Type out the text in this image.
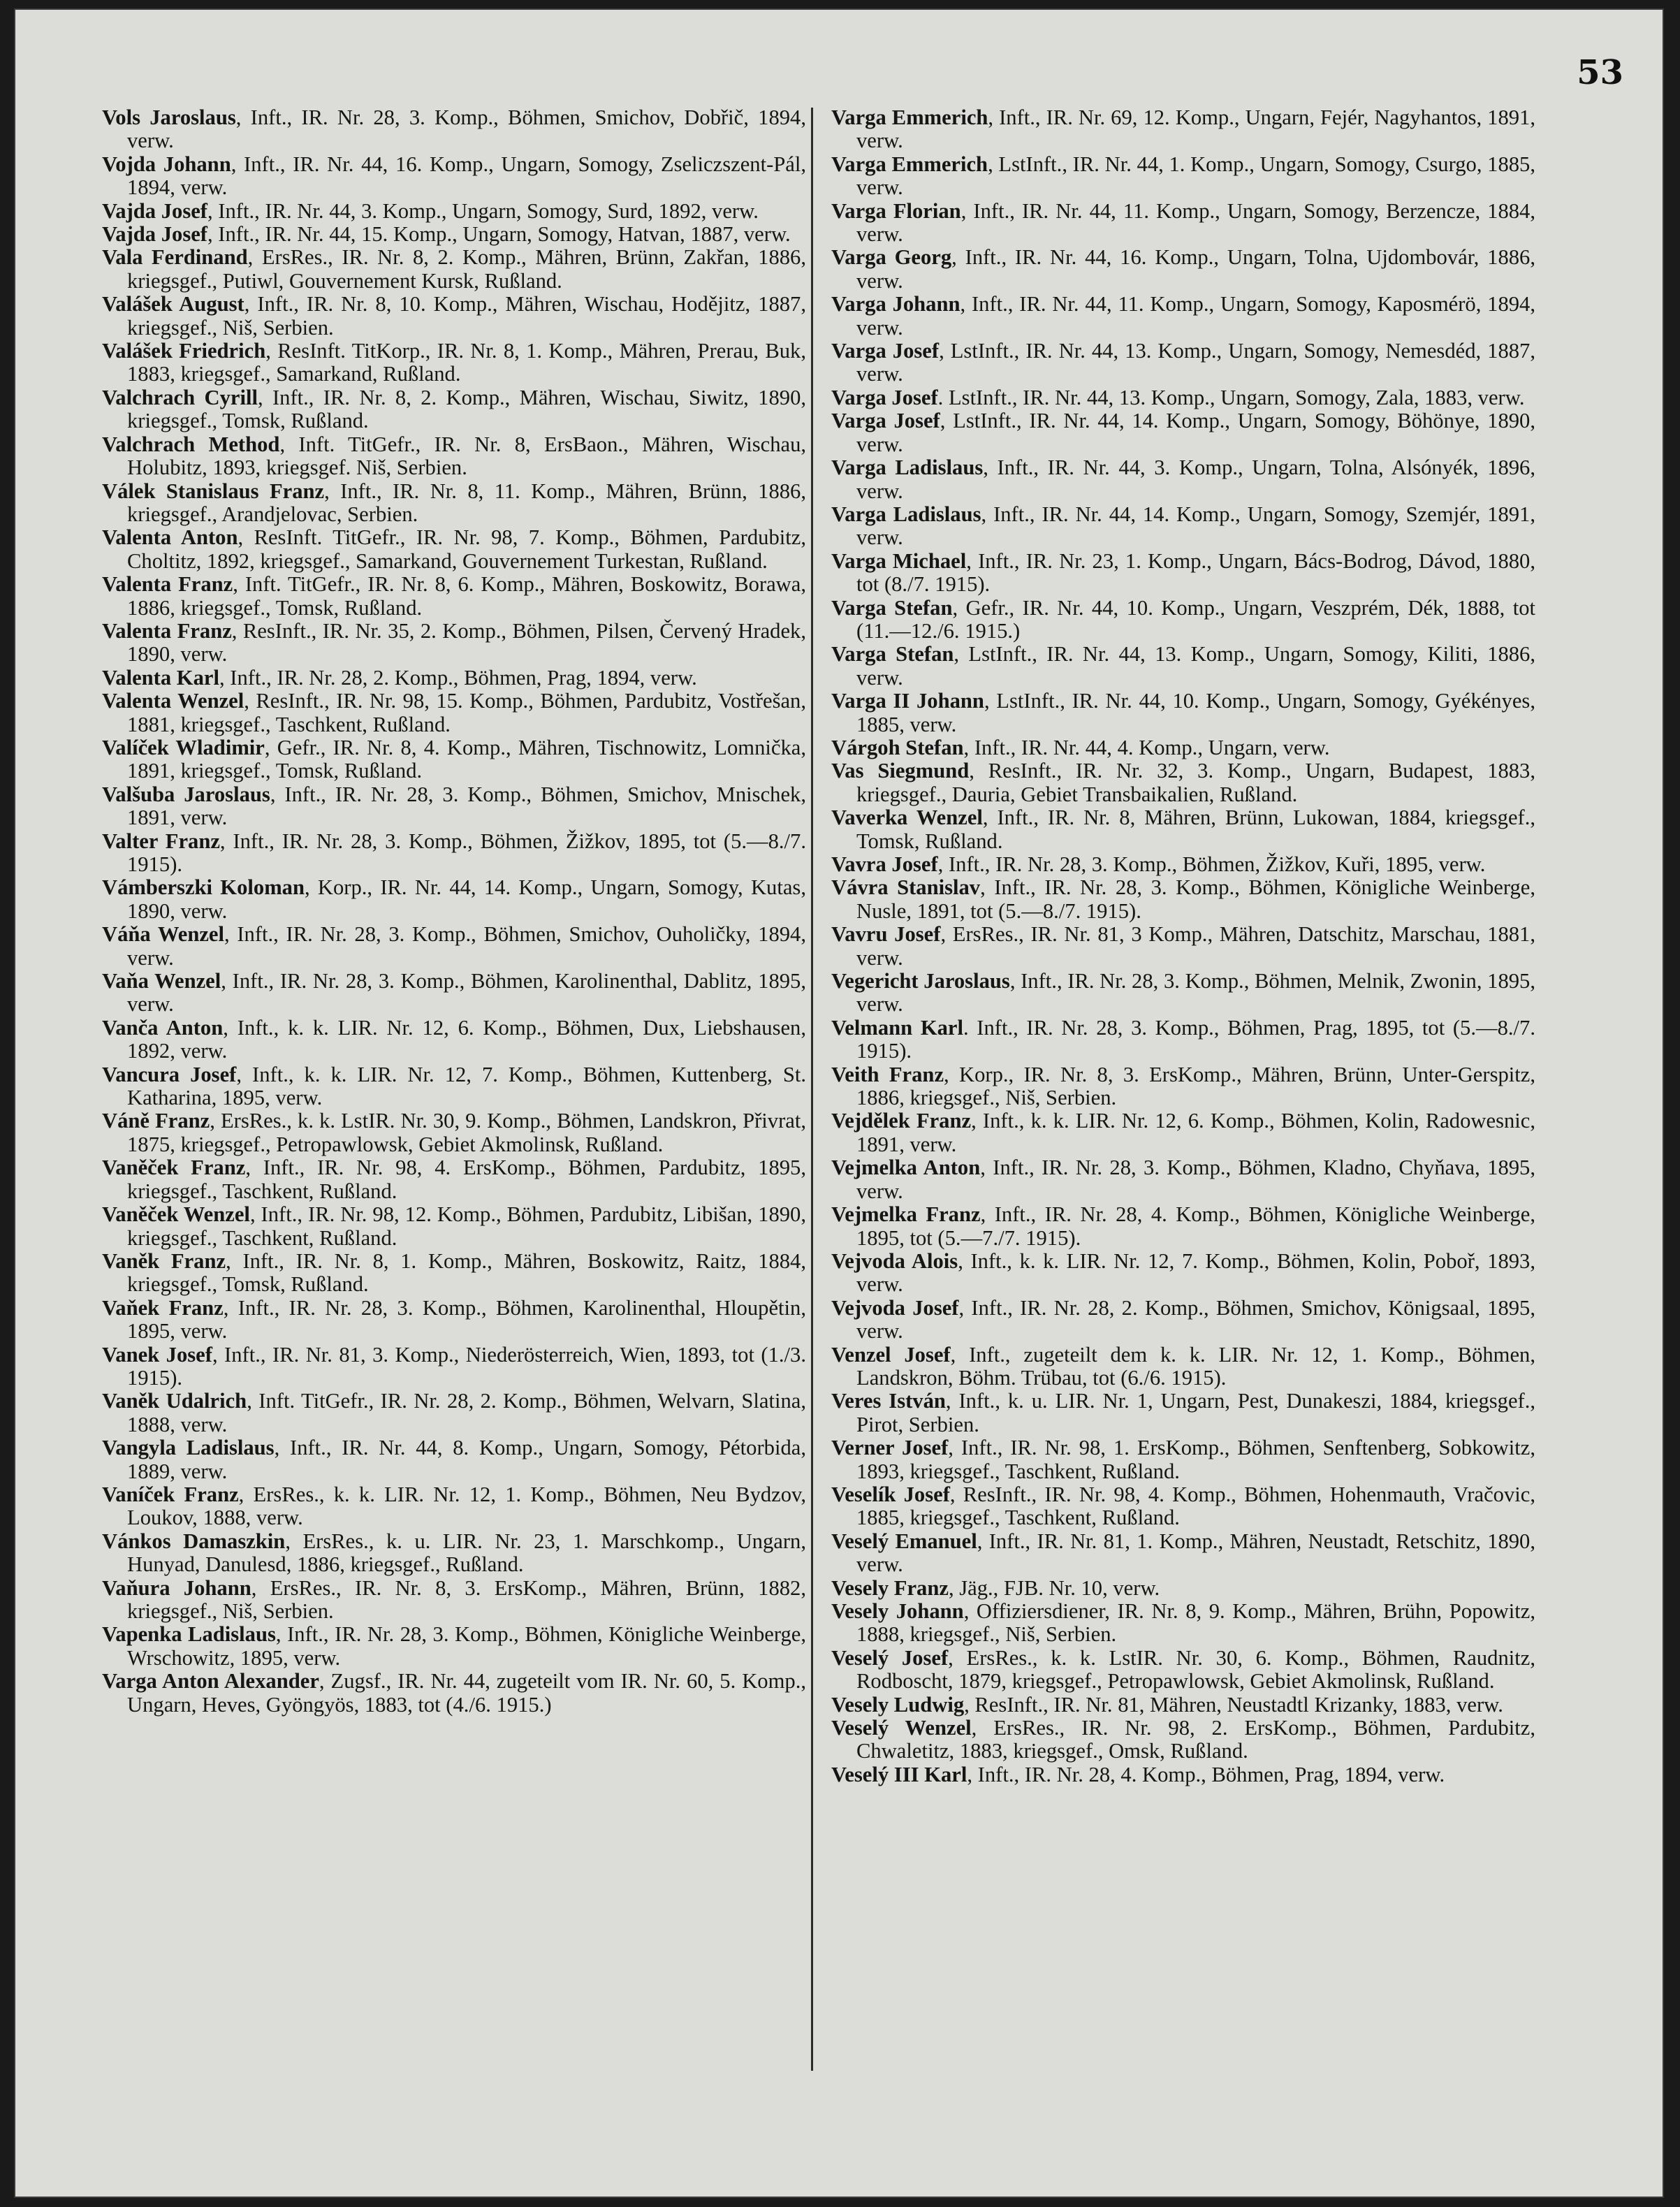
53

Vols Jaroslaus, Inft., IR. Nr. 28, 3. Komp., Böhmen, Smichov, Dobřič, 1894, verw.

Vojda Johann, Inft., IR. Nr. 44, 16. Komp., Ungarn, Somogy, Zseliczszent-Pál, 1894, verw.

Vajda Josef, Inft., IR. Nr. 44, 3. Komp., Ungarn, Somogy, Surd, 1892, verw.

Vajda Josef, Inft., IR. Nr. 44, 15. Komp., Ungarn, Somogy, Hatvan, 1887, verw.

Vala Ferdinand, ErsRes., IR. Nr. 8, 2. Komp., Mähren, Brünn, Zakřan, 1886, kriegsgef., Putiwl, Gouvernement Kursk, Rußland.

Valášek August, Inft., IR. Nr. 8, 10. Komp., Mähren, Wischau, Hodějitz, 1887, kriegsgef., Niš, Serbien.

Valášek Friedrich, ResInft. TitKorp., IR. Nr. 8, 1. Komp., Mähren, Prerau, Buk, 1883, kriegsgef., Samarkand, Rußland.

Valchrach Cyrill, Inft., IR. Nr. 8, 2. Komp., Mähren, Wischau, Siwitz, 1890, kriegsgef., Tomsk, Rußland.

Valchrach Method, Inft. TitGefr., IR. Nr. 8, ErsBaon., Mähren, Wischau, Holubitz, 1893, kriegsgef. Niš, Serbien.

Válek Stanislaus Franz, Inft., IR. Nr. 8, 11. Komp., Mähren, Brünn, 1886, kriegsgef., Arandjelovac, Serbien.

Valenta Anton, ResInft. TitGefr., IR. Nr. 98, 7. Komp., Böhmen, Pardubitz, Choltitz, 1892, kriegsgef., Samarkand, Gouvernement Turkestan, Rußland.

Valenta Franz, Inft. TitGefr., IR. Nr. 8, 6. Komp., Mähren, Boskowitz, Borawa, 1886, kriegsgef., Tomsk, Rußland.

Valenta Franz, ResInft., IR. Nr. 35, 2. Komp., Böhmen, Pilsen, Červený Hradek, 1890, verw.

Valenta Karl, Inft., IR. Nr. 28, 2. Komp., Böhmen, Prag, 1894, verw.

Valenta Wenzel, ResInft., IR. Nr. 98, 15. Komp., Böhmen, Pardubitz, Vostřešan, 1881, kriegsgef., Taschkent, Rußland.

Valíček Wladimir, Gefr., IR. Nr. 8, 4. Komp., Mähren, Tischnowitz, Lomnička, 1891, kriegsgef., Tomsk, Rußland.

Valšuba Jaroslaus, Inft., IR. Nr. 28, 3. Komp., Böhmen, Smichov, Mnischek, 1891, verw.

Valter Franz, Inft., IR. Nr. 28, 3. Komp., Böhmen, Žižkov, 1895, tot (5.—8./7. 1915).

Vámberszki Koloman, Korp., IR. Nr. 44, 14. Komp., Ungarn, Somogy, Kutas, 1890, verw.

Váňa Wenzel, Inft., IR. Nr. 28, 3. Komp., Böhmen, Smichov, Ouholičky, 1894, verw.

Vaňa Wenzel, Inft., IR. Nr. 28, 3. Komp., Böhmen, Karolinenthal, Dablitz, 1895, verw.

Vanča Anton, Inft., k. k. LIR. Nr. 12, 6. Komp., Böhmen, Dux, Liebshausen, 1892, verw.

Vancura Josef, Inft., k. k. LIR. Nr. 12, 7. Komp., Böhmen, Kuttenberg, St. Katharina, 1895, verw.

Váně Franz, ErsRes., k. k. LstIR. Nr. 30, 9. Komp., Böhmen, Landskron, Přivrat, 1875, kriegsgef., Petropawlowsk, Gebiet Akmolinsk, Rußland.

Vaněček Franz, Inft., IR. Nr. 98, 4. ErsKomp., Böhmen, Pardubitz, 1895, kriegsgef., Taschkent, Rußland.

Vaněček Wenzel, Inft., IR. Nr. 98, 12. Komp., Böhmen, Pardubitz, Libišan, 1890, kriegsgef., Taschkent, Rußland.

Vaněk Franz, Inft., IR. Nr. 8, 1. Komp., Mähren, Boskowitz, Raitz, 1884, kriegsgef., Tomsk, Rußland.

Vaňek Franz, Inft., IR. Nr. 28, 3. Komp., Böhmen, Karolinenthal, Hloupětin, 1895, verw.

Vanek Josef, Inft., IR. Nr. 81, 3. Komp., Niederösterreich, Wien, 1893, tot (1./3. 1915).

Vaněk Udalrich, Inft. TitGefr., IR. Nr. 28, 2. Komp., Böhmen, Welvarn, Slatina, 1888, verw.

Vangyla Ladislaus, Inft., IR. Nr. 44, 8. Komp., Ungarn, Somogy, Pétorbida, 1889, verw.

Vaníček Franz, ErsRes., k. k. LIR. Nr. 12, 1. Komp., Böhmen, Neu Bydzov, Loukov, 1888, verw.

Vánkos Damaszkin, ErsRes., k. u. LIR. Nr. 23, 1. Marschkomp., Ungarn, Hunyad, Danulesd, 1886, kriegsgef., Rußland.

Vaňura Johann, ErsRes., IR. Nr. 8, 3. ErsKomp., Mähren, Brünn, 1882, kriegsgef., Niš, Serbien.

Vapenka Ladislaus, Inft., IR. Nr. 28, 3. Komp., Böhmen, Königliche Weinberge, Wrschowitz, 1895, verw.

Varga Anton Alexander, Zugsf., IR. Nr. 44, zugeteilt vom IR. Nr. 60, 5. Komp., Ungarn, Heves, Gyöngyös, 1883, tot (4./6. 1915.)

Varga Emmerich, Inft., IR. Nr. 69, 12. Komp., Ungarn, Fejér, Nagyhantos, 1891, verw.

Varga Emmerich, LstInft., IR. Nr. 44, 1. Komp., Ungarn, Somogy, Csurgo, 1885, verw.

Varga Florian, Inft., IR. Nr. 44, 11. Komp., Ungarn, Somogy, Berzencze, 1884, verw.

Varga Georg, Inft., IR. Nr. 44, 16. Komp., Ungarn, Tolna, Ujdombovár, 1886, verw.

Varga Johann, Inft., IR. Nr. 44, 11. Komp., Ungarn, Somogy, Kaposmérö, 1894, verw.

Varga Josef, LstInft., IR. Nr. 44, 13. Komp., Ungarn, Somogy, Nemesdéd, 1887, verw.

Varga Josef. LstInft., IR. Nr. 44, 13. Komp., Ungarn, Somogy, Zala, 1883, verw.

Varga Josef, LstInft., IR. Nr. 44, 14. Komp., Ungarn, Somogy, Böhönye, 1890, verw.

Varga Ladislaus, Inft., IR. Nr. 44, 3. Komp., Ungarn, Tolna, Alsónyék, 1896, verw.

Varga Ladislaus, Inft., IR. Nr. 44, 14. Komp., Ungarn, Somogy, Szemjér, 1891, verw.

Varga Michael, Inft., IR. Nr. 23, 1. Komp., Ungarn, Bács-Bodrog, Dávod, 1880, tot (8./7. 1915).

Varga Stefan, Gefr., IR. Nr. 44, 10. Komp., Ungarn, Veszprém, Dék, 1888, tot (11.—12./6. 1915.)

Varga Stefan, LstInft., IR. Nr. 44, 13. Komp., Ungarn, Somogy, Kiliti, 1886, verw.

Varga II Johann, LstInft., IR. Nr. 44, 10. Komp., Ungarn, Somogy, Gyékényes, 1885, verw.

Várgoh Stefan, Inft., IR. Nr. 44, 4. Komp., Ungarn, verw.

Vas Siegmund, ResInft., IR. Nr. 32, 3. Komp., Ungarn, Budapest, 1883, kriegsgef., Dauria, Gebiet Transbaikalien, Rußland.

Vaverka Wenzel, Inft., IR. Nr. 8, Mähren, Brünn, Lukowan, 1884, kriegsgef., Tomsk, Rußland.

Vavra Josef, Inft., IR. Nr. 28, 3. Komp., Böhmen, Žižkov, Kuři, 1895, verw.

Vávra Stanislav, Inft., IR. Nr. 28, 3. Komp., Böhmen, Königliche Weinberge, Nusle, 1891, tot (5.—8./7. 1915).

Vavru Josef, ErsRes., IR. Nr. 81, 3 Komp., Mähren, Datschitz, Marschau, 1881, verw.

Vegericht Jaroslaus, Inft., IR. Nr. 28, 3. Komp., Böhmen, Melnik, Zwonin, 1895, verw.

Velmann Karl. Inft., IR. Nr. 28, 3. Komp., Böhmen, Prag, 1895, tot (5.—8./7. 1915).

Veith Franz, Korp., IR. Nr. 8, 3. ErsKomp., Mähren, Brünn, Unter-Gerspitz, 1886, kriegsgef., Niš, Serbien.

Vejdělek Franz, Inft., k. k. LIR. Nr. 12, 6. Komp., Böhmen, Kolin, Radowesnic, 1891, verw.

Vejmelka Anton, Inft., IR. Nr. 28, 3. Komp., Böhmen, Kladno, Chyňava, 1895, verw.

Vejmelka Franz, Inft., IR. Nr. 28, 4. Komp., Böhmen, Königliche Weinberge, 1895, tot (5.—7./7. 1915).

Vejvoda Alois, Inft., k. k. LIR. Nr. 12, 7. Komp., Böhmen, Kolin, Poboř, 1893, verw.

Vejvoda Josef, Inft., IR. Nr. 28, 2. Komp., Böhmen, Smichov, Königsaal, 1895, verw.

Venzel Josef, Inft., zugeteilt dem k. k. LIR. Nr. 12, 1. Komp., Böhmen, Landskron, Böhm. Trübau, tot (6./6. 1915).

Veres István, Inft., k. u. LIR. Nr. 1, Ungarn, Pest, Dunakeszi, 1884, kriegsgef., Pirot, Serbien.

Verner Josef, Inft., IR. Nr. 98, 1. ErsKomp., Böhmen, Senftenberg, Sobkowitz, 1893, kriegsgef., Taschkent, Rußland.

Veselík Josef, ResInft., IR. Nr. 98, 4. Komp., Böhmen, Hohenmauth, Vračovic, 1885, kriegsgef., Taschkent, Rußland.

Veselý Emanuel, Inft., IR. Nr. 81, 1. Komp., Mähren, Neustadt, Retschitz, 1890, verw.

Vesely Franz, Jäg., FJB. Nr. 10, verw.

Vesely Johann, Offiziersdiener, IR. Nr. 8, 9. Komp., Mähren, Brühn, Popowitz, 1888, kriegsgef., Niš, Serbien.

Veselý Josef, ErsRes., k. k. LstIR. Nr. 30, 6. Komp., Böhmen, Raudnitz, Rodboscht, 1879, kriegsgef., Petropawlowsk, Gebiet Akmolinsk, Rußland.

Vesely Ludwig, ResInft., IR. Nr. 81, Mähren, Neustadtl Krizanky, 1883, verw.

Veselý Wenzel, ErsRes., IR. Nr. 98, 2. ErsKomp., Böhmen, Pardubitz, Chwaletitz, 1883, kriegsgef., Omsk, Rußland.

Veselý III Karl, Inft., IR. Nr. 28, 4. Komp., Böhmen, Prag, 1894, verw.
